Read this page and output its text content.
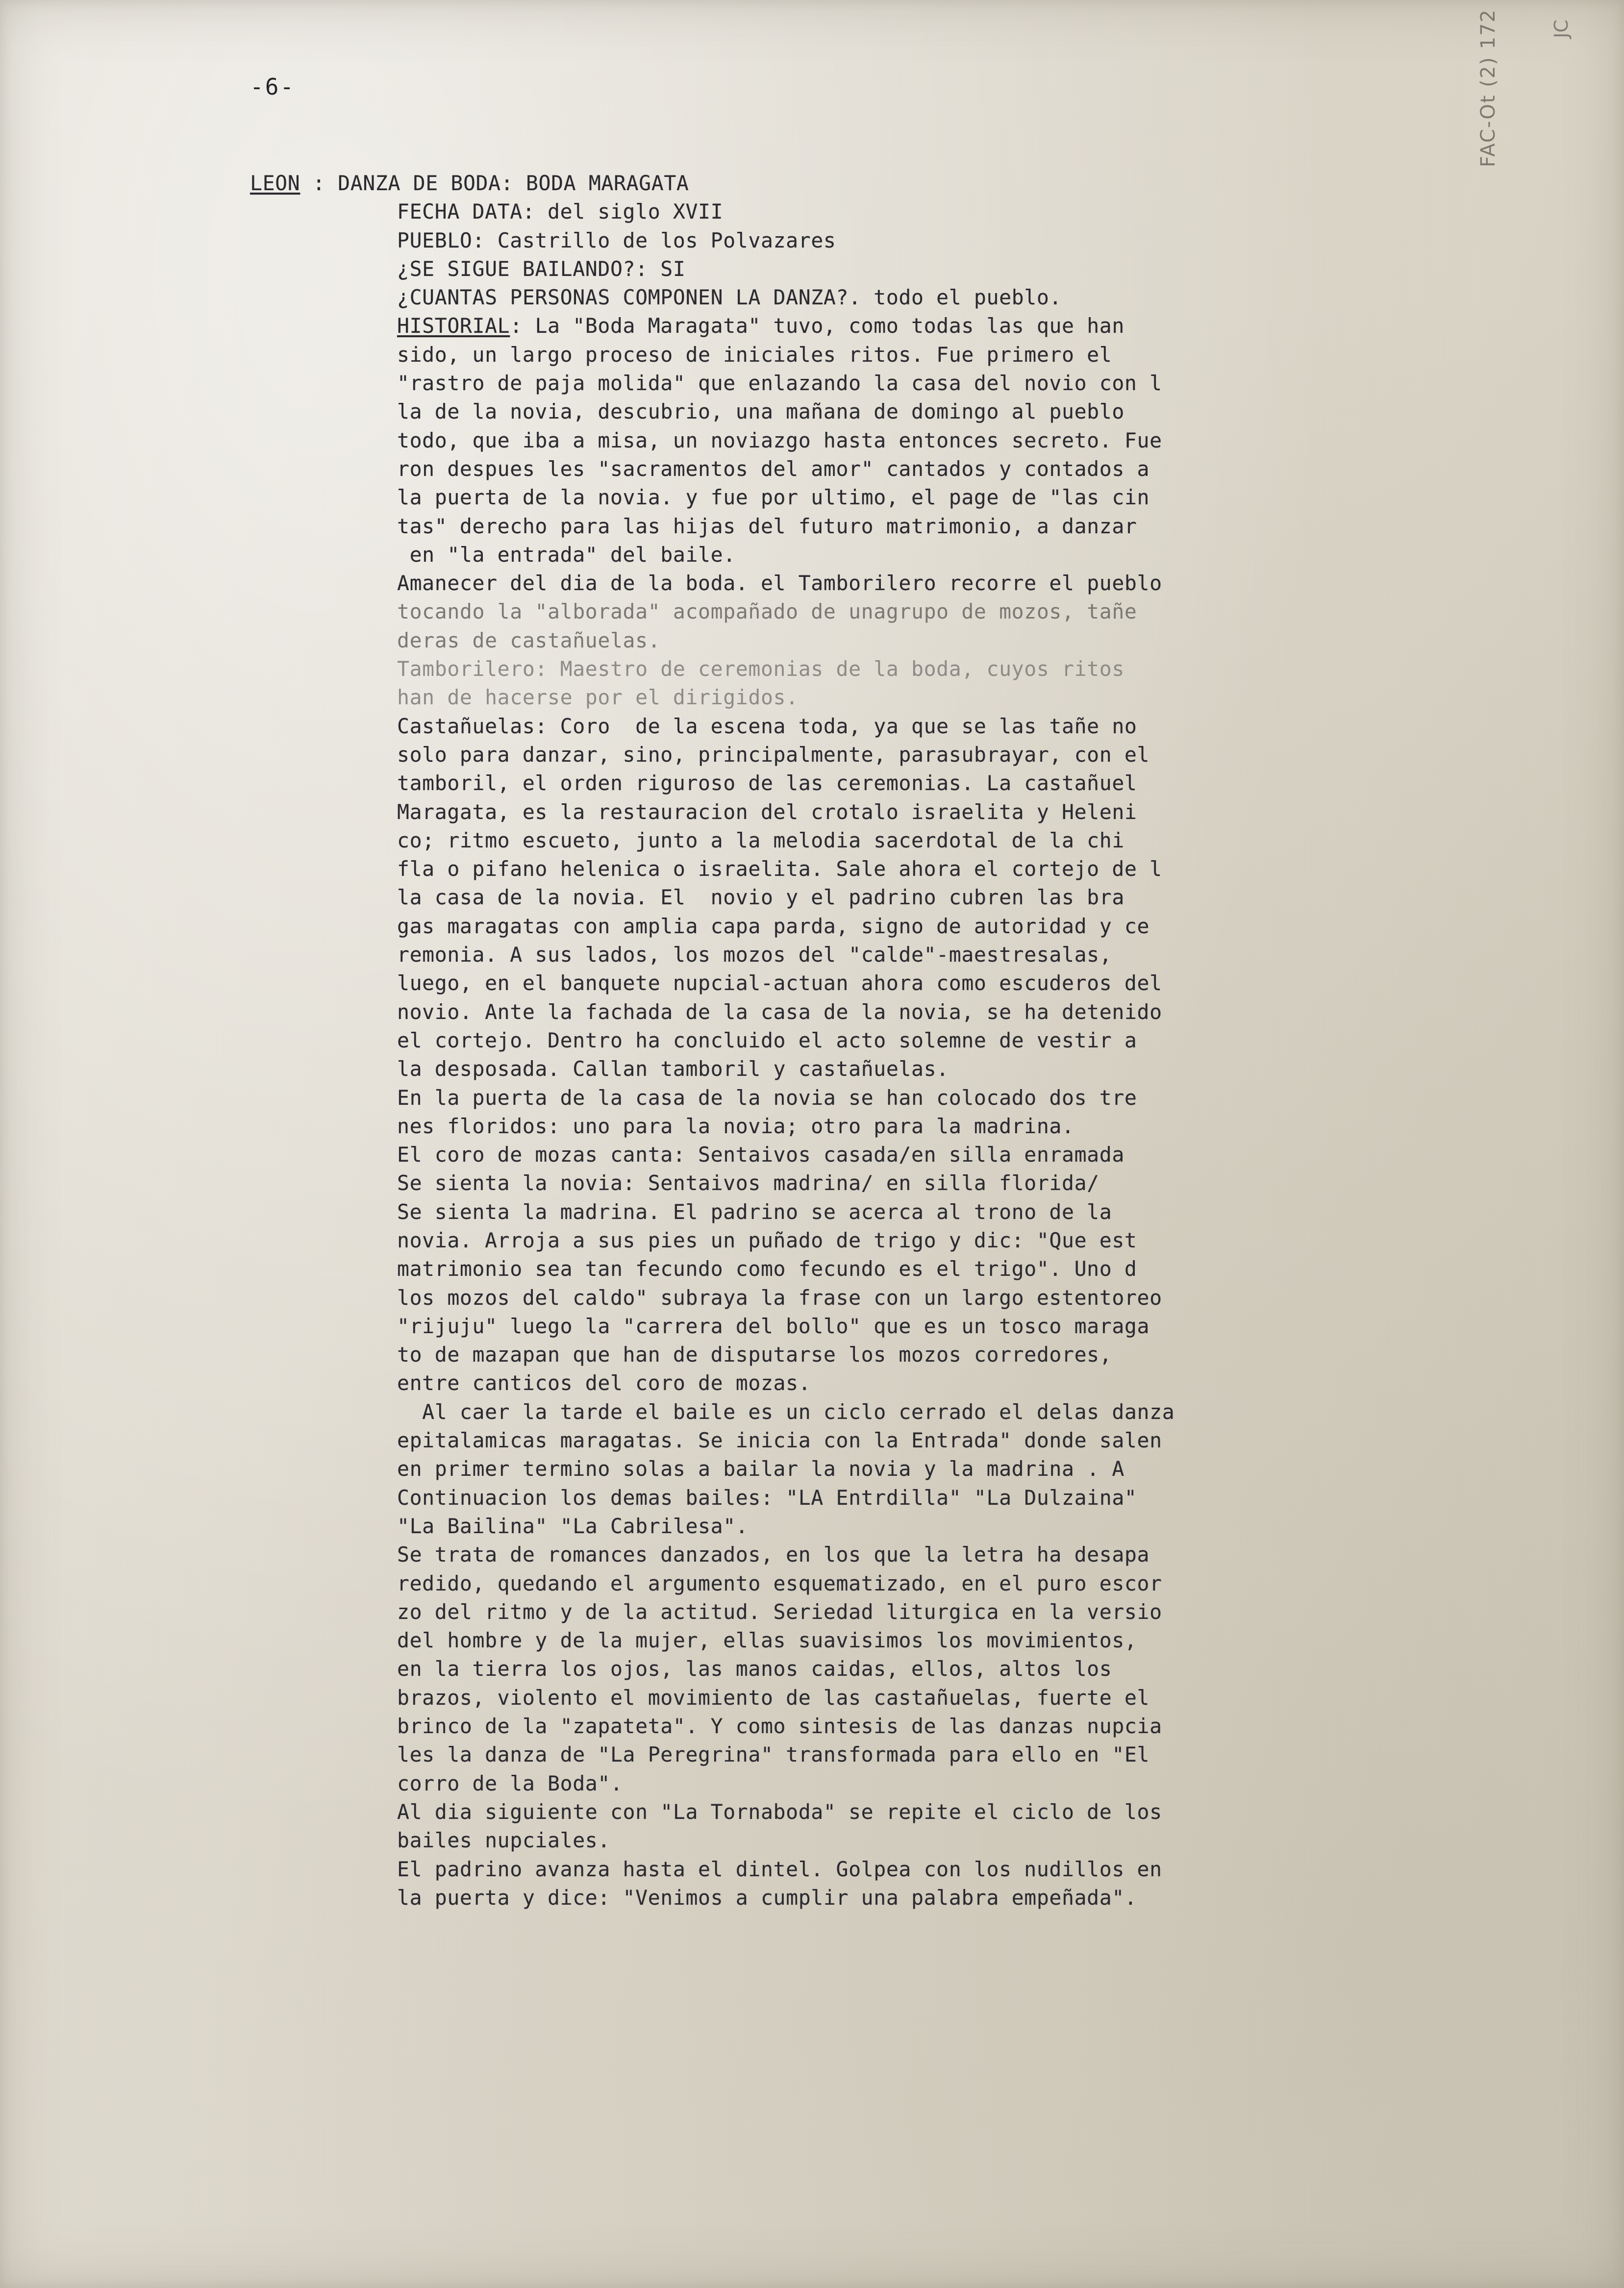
FAC-Ot (2) 172	JC
-6-
LEON : DANZA DE BODA: BODA MARAGATA
FECHA DATA: del siglo XVII
PUEBLO: Castrillo de los Polvazares
¿SE SIGUE BAILANDO?: SI
¿CUANTAS PERSONAS COMPONEN LA DANZA?. todo el pueblo.
HISTORIAL: La "Boda Maragata" tuvo, como todas las que han
sido, un largo proceso de iniciales ritos. Fue primero el
"rastro de paja molida" que enlazando la casa del novio con l
la de la novia, descubrio, una mañana de domingo al pueblo
todo, que iba a misa, un noviazgo hasta entonces secreto. Fue
ron despues les "sacramentos del amor" cantados y contados a
la puerta de la novia. y fue por ultimo, el page de "las cin
tas" derecho para las hijas del futuro matrimonio, a danzar
en "la entrada" del baile.
Amanecer del dia de la boda. el Tamborilero recorre el pueblo
tocando la "alborada" acompañado de unagrupo de mozos, tañe
deras de castañuelas.
Tamborilero: Maestro de ceremonias de la boda, cuyos ritos
han de hacerse por el dirigidos.
Castañuelas: Coro  de la escena toda, ya que se las tañe no
solo para danzar, sino, principalmente, parasubrayar, con el
tamboril, el orden riguroso de las ceremonias. La castañuel
Maragata, es la restauracion del crotalo israelita y Heleni
co; ritmo escueto, junto a la melodia sacerdotal de la chi
fla o pifano helenica o israelita. Sale ahora el cortejo de l
la casa de la novia. El  novio y el padrino cubren las bra
gas maragatas con amplia capa parda, signo de autoridad y ce
remonia. A sus lados, los mozos del "calde"-maestresalas,
luego, en el banquete nupcial-actuan ahora como escuderos del
novio. Ante la fachada de la casa de la novia, se ha detenido
el cortejo. Dentro ha concluido el acto solemne de vestir a
la desposada. Callan tamboril y castañuelas.
En la puerta de la casa de la novia se han colocado dos tre
nes floridos: uno para la novia; otro para la madrina.
El coro de mozas canta: Sentaivos casada/en silla enramada
Se sienta la novia: Sentaivos madrina/ en silla florida/
Se sienta la madrina. El padrino se acerca al trono de la
novia. Arroja a sus pies un puñado de trigo y dic: "Que est
matrimonio sea tan fecundo como fecundo es el trigo". Uno d
los mozos del caldo" subraya la frase con un largo estentoreo
"rijuju" luego la "carrera del bollo" que es un tosco maraga
to de mazapan que han de disputarse los mozos corredores,
entre canticos del coro de mozas.
Al caer la tarde el baile es un ciclo cerrado el delas danza
epitalamicas maragatas. Se inicia con la Entrada" donde salen
en primer termino solas a bailar la novia y la madrina . A
Continuacion los demas bailes: "LA Entrdilla" "La Dulzaina"
"La Bailina" "La Cabrilesa".
Se trata de romances danzados, en los que la letra ha desapa
redido, quedando el argumento esquematizado, en el puro escor
zo del ritmo y de la actitud. Seriedad liturgica en la versio
del hombre y de la mujer, ellas suavisimos los movimientos,
en la tierra los ojos, las manos caidas, ellos, altos los
brazos, violento el movimiento de las castañuelas, fuerte el
brinco de la "zapateta". Y como sintesis de las danzas nupcia
les la danza de "La Peregrina" transformada para ello en "El
corro de la Boda".
Al dia siguiente con "La Tornaboda" se repite el ciclo de los
bailes nupciales.
El padrino avanza hasta el dintel. Golpea con los nudillos en
la puerta y dice: "Venimos a cumplir una palabra empeñada".
